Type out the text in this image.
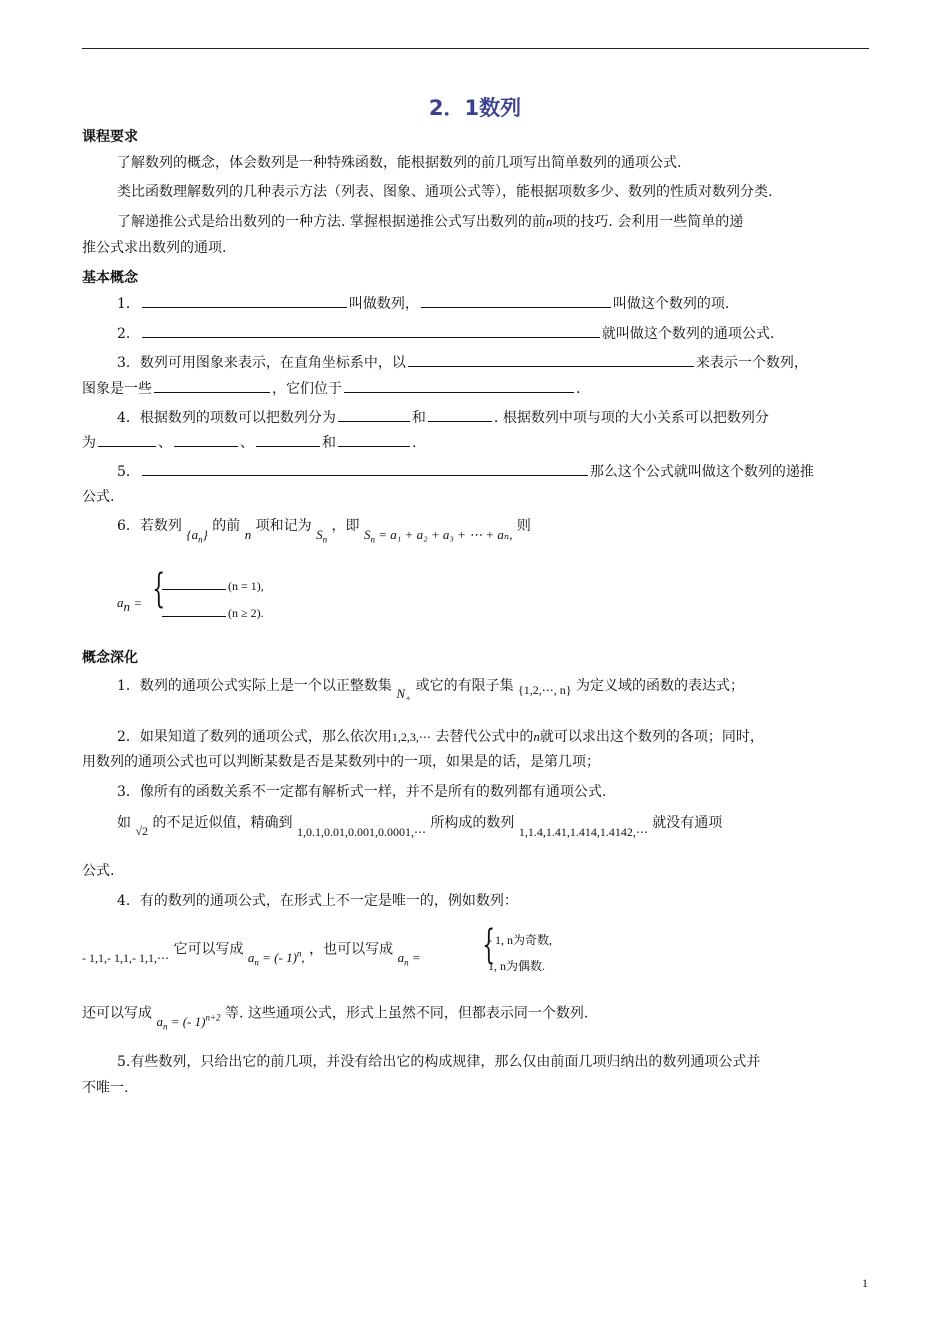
2．1数列
课程要求
了解数列的概念，体会数列是一种特殊函数，能根据数列的前几项写出简单数列的通项公式.
类比函数理解数列的几种表示方法（列表、图象、通项公式等），能根据项数多少、数列的性质对数列分类.
了解递推公式是给出数列的一种方法. 掌握根据递推公式写出数列的前n项的技巧. 会利用一些简单的递
推公式求出数列的通项.
基本概念
1．	叫做数列，	叫做这个数列的项.
2．	就叫做这个数列的通项公式.
3．数列可用图象来表示，在直角坐标系中，以	来表示一个数列，
图象是一些	，它们位于	.
4．根据数列的项数可以把数列分为	和	. 根据数列中项与项的大小关系可以把数列分
为	、	、	和	.
5．	那么这个公式就叫做这个数列的递推
公式.
6．若数列 $\{a_n\}$ 的前 n 项和记为 $S_n$ ，即 $S_n = a_1 + a_2 + a_3$ + ⋯ + aₙ, 则
$a_n$ = {	(n = 1),
(n ≥ 2).
概念深化
1．数列的通项公式实际上是一个以正整数集 $N_+$ 或它的有限子集 {1,2,⋯, n} 为定义域的函数的表达式；
2．如果知道了数列的通项公式，那么依次用1,2,3,⋯ 去替代公式中的n就可以求出这个数列的各项；同时，
用数列的通项公式也可以判断某数是否是某数列中的一项，如果是的话，是第几项；
3．像所有的函数关系不一定都有解析式一样，并不是所有的数列都有通项公式.
如 √2 的不足近似值，精确到 1,0.1,0.01,0.001,0.0001,⋯ 所构成的数列 1,1.4,1.41,1.414,1.4142,⋯ 就没有通项
公式.
4．有的数列的通项公式，在形式上不一定是唯一的，例如数列：
- 1,1,- 1,1,- 1,1,⋯ 它可以写成 $a_n$ = (- 1)$^n$, ，也可以写成 $a_n$ = {
- 1, n为奇数,
1, n为偶数.
还可以写成 $a_n$ = (- 1)$^{n+2}$ 等. 这些通项公式，形式上虽然不同，但都表示同一个数列.
5.有些数列，只给出它的前几项，并没有给出它的构成规律，那么仅由前面几项归纳出的数列通项公式并
不唯一.
1
